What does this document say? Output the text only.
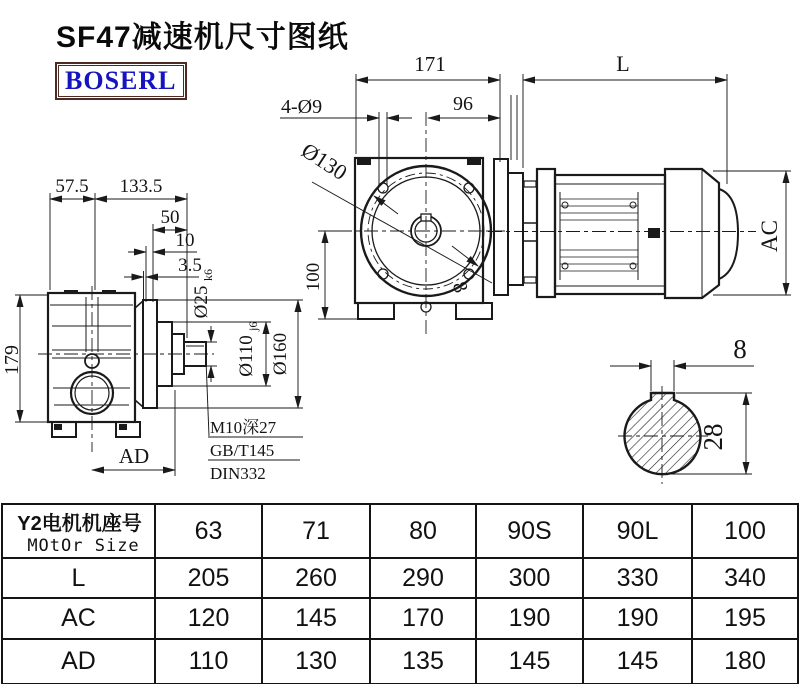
57.5 133.5
50
10
3.5
179
AD
Ø25
k6
Ø110
j6
Ø160
M10深27
GB/T145
DIN332
Ø130
100	8
171	L
96
4-Ø9
AC
8
28
SF47减速机尺寸图纸
BOSERL
Y2电机机座号
MOtOr Size	63	71	80	90S	90L	100
L	205	260	290	300	330	340
AC	120	145	170	190	190	195
AD	110	130	135	145	145	180
